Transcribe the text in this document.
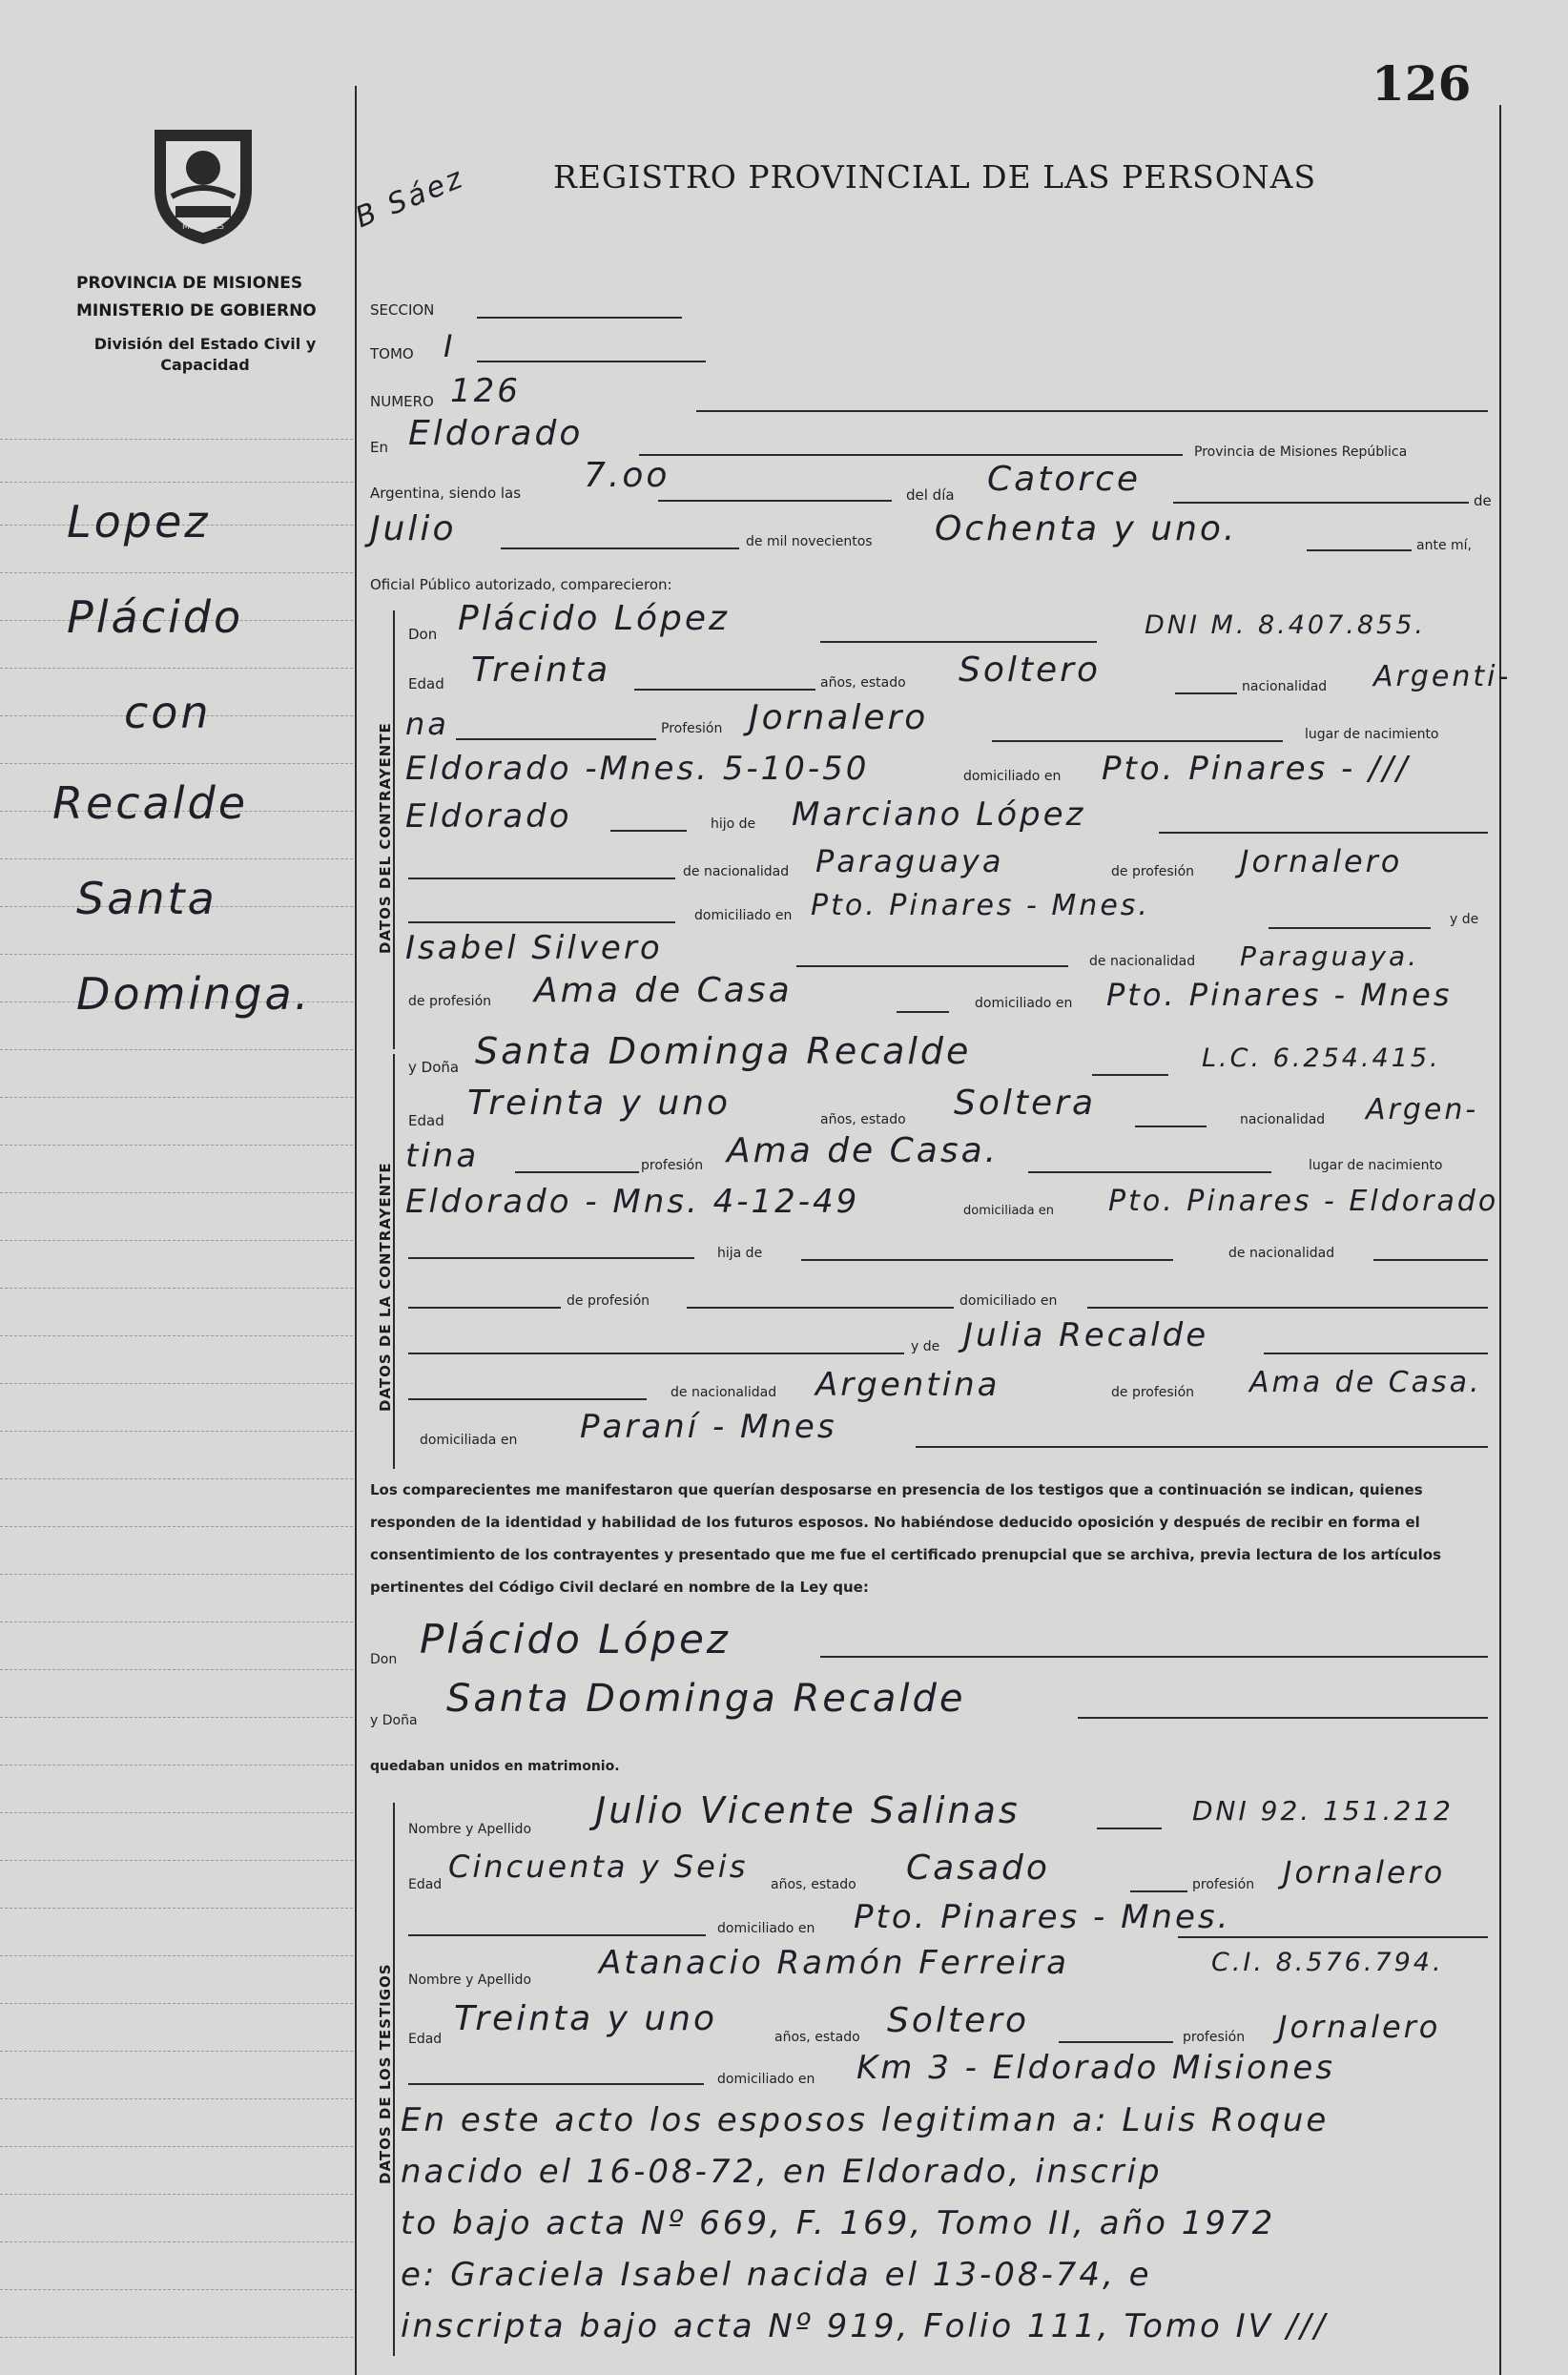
126
REGISTRO PROVINCIAL DE LAS PERSONAS
MISIONES
PROVINCIA DE MISIONES
MINISTERIO DE GOBIERNO
División del Estado Civil y Capacidad
B Sáez
Lopez
Plácido
con
Recalde
Santa
Dominga.
SECCION
TOMO I
NUMERO 126
En Eldorado	Provincia de Misiones República
Argentina, siendo las 7.oo	del día Catorce
de
Julio	de mil novecientos Ochenta y uno.	ante mí,
Oficial Público autorizado, comparecieron:
DATOS DEL CONTRAYENTE
Don Plácido López	DNI M. 8.407.855.
Edad Treinta	años, estado Soltero	nacionalidad Argenti-
na	Profesión Jornalero	lugar de nacimiento
Eldorado -Mnes. 5-10-50	domiciliado en Pto. Pinares - ///
Eldorado	hijo de Marciano López
de nacionalidad Paraguaya	de profesión Jornalero
domiciliado en Pto. Pinares - Mnes.	y de
Isabel Silvero	de nacionalidad Paraguaya.
de profesión Ama de Casa	domiciliado en Pto. Pinares - Mnes
DATOS DE LA CONTRAYENTE
y Doña Santa Dominga Recalde	L.C. 6.254.415.
Edad Treinta y uno	años, estado Soltera	nacionalidad Argen-
tina	profesión Ama de Casa.	lugar de nacimiento
Eldorado - Mns. 4-12-49	domiciliada en Pto. Pinares - Eldorado
hija de	de nacionalidad
de profesión	domiciliado en
y de Julia Recalde
de nacionalidad Argentina	de profesión Ama de Casa.
domiciliada en Paraní - Mnes
Los comparecientes me manifestaron que querían desposarse en presencia de los testigos que a continuación se indican, quienes responden de la identidad y habilidad de los futuros esposos. No habiéndose deducido oposición y después de recibir en forma el consentimiento de los contrayentes y presentado que me fue el certificado prenupcial que se archiva, previa lectura de los artículos pertinentes del Código Civil declaré en nombre de la Ley que:
Don Plácido López
y Doña Santa Dominga Recalde
quedaban unidos en matrimonio.
DATOS DE LOS TESTIGOS
Nombre y Apellido Julio Vicente Salinas	DNI 92. 151.212
Edad Cincuenta y Seis años, estado Casado	profesión Jornalero
domiciliado en Pto. Pinares - Mnes.
Nombre y Apellido Atanacio Ramón Ferreira	C.I. 8.576.794.
Edad
Treinta y uno	años, estado Soltero	profesión Jornalero
domiciliado en Km 3 - Eldorado Misiones
En este acto los esposos legitiman a: Luis Roque
nacido el 16-08-72, en Eldorado, inscrip
to bajo acta Nº 669, F. 169, Tomo II, año 1972
e: Graciela Isabel nacida el 13-08-74, e
inscripta bajo acta Nº 919, Folio 111, Tomo IV ///
